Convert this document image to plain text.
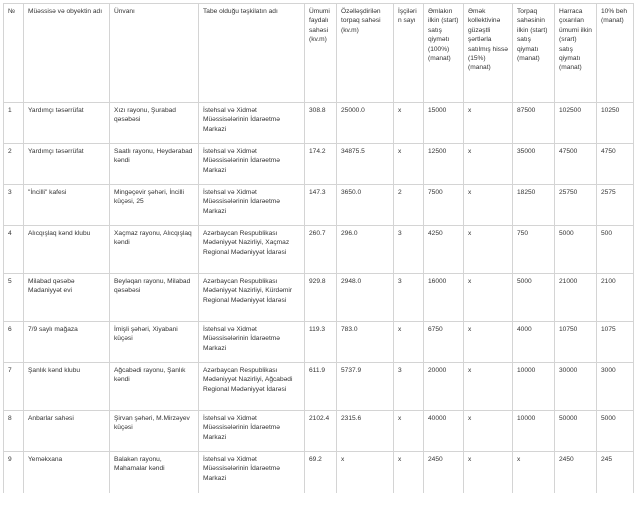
№	Müəssisə və obyektin adı	Ünvanı	Tabe olduğu təşkilatın adı	Ümumi faydalı sahəsi (kv.m)	Özəlləşdirilən torpaq sahəsi (kv.m)	İşçilərin sayı	Əmlakın ilkin (start) satış qiymətı (100%) (manat)	Əmək kollektivinə güzəştli şərtlərla satılmış hissə (15%) (manat)	Torpaq sahəsinin ilkin (start) satış qiymatı (manat)	Harraca çıxarılan ümumi ilkin (srart) satış qiymatı (manat)	10% beh (manat)
1	Yardımçı təsərrüfat	Xızı rayonu, Şurabad qəsəbəsi	İstehsal və Xidmət Müəssisələrinin İdarəetmə Markazi	308.8	25000.0	x	15000	x	87500	102500	10250
2	Yardımçı təsərrüfat	Saatlı rayonu, Heydərabad kəndi	İstehsal və Xidmət Müəssisələrinin İdarəetmə Markazi	174.2	34875.5	x	12500	x	35000	47500	4750
3	"İncilli" kafesi	Mingəçevir şəhəri, İncilli küçəsi, 25	İstehsal və Xidmət Müəssisələrinin İdarəetmə Markazi	147.3	3650.0	2	7500	x	18250	25750	2575
4	Alıcqışlaq kənd klubu	Xaçmaz rayonu, Alıcqışlaq kəndi	Azərbaycan Respublikası Mədəniyyət Nazirliyi, Xaçmaz Regional Mədəniyyət İdarəsi	260.7	296.0	3	4250	x	750	5000	500
5	Milabad qəsəbə Madaniyyət evi	Beyləqan rayonu, Milabad qəsəbəsi	Azərbaycan Respublikası Mədəniyyət Nazirliyi, Kürdəmir Regional Mədəniyyət İdarəsi	929.8	2948.0	3	16000	x	5000	21000	2100
6	7/9 saylı mağaza	İmişli şəhəri, Xiyabani küçəsi	İstehsal və Xidmət Müəssisələrinin İdarəetmə Markazi	119.3	783.0	x	6750	x	4000	10750	1075
7	Şanlık kənd klubu	Ağcabədi rayonu, Şanlık kəndi	Azərbaycan Respublikası Mədəniyyət Nazirliyi, Ağcabədi Regional Mədəniyyət İdarəsi	611.9	5737.9	3	20000	x	10000	30000	3000
8	Anbarlar sahəsi	Şirvan şəhəri, M.Mirzəyev küçəsi	İstehsal və Xidmət Müəssisələrinin İdarəetmə Markazi	2102.4	2315.6	x	40000	x	10000	50000	5000
9	Yeməkxana	Balakən rayonu, Mahamalar kəndi	İstehsal və Xidmət Müəssisələrinin İdarəetmə Markazi	69.2	x	x	2450	x	x	2450	245
